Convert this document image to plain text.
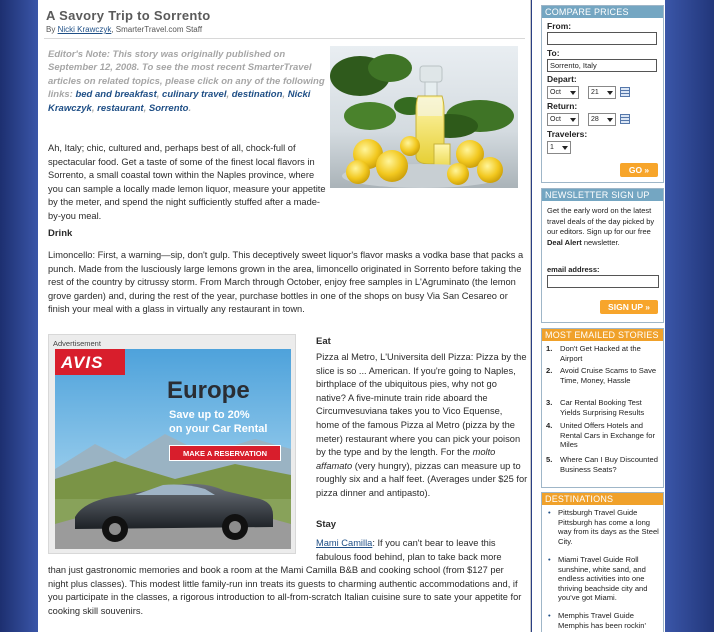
A Savory Trip to Sorrento
By Nicki Krawczyk, SmarterTravel.com Staff
Editor's Note: This story was originally published on September 12, 2008. To see the most recent SmarterTravel articles on related topics, please click on any of the following links: bed and breakfast, culinary travel, destination, Nicki Krawczyk, restaurant, Sorrento.
Ah, Italy; chic, cultured and, perhaps best of all, chock-full of spectacular food. Get a taste of some of the finest local flavors in Sorrento, a small coastal town within the Naples province, where you can sample a locally made lemon liquor, measure your appetite by the meter, and spend the night sufficiently stuffed after a made-by-you meal.
Drink
Limoncello: First, a warning—sip, don't gulp. This deceptively sweet liquor's flavor masks a vodka base that packs a punch. Made from the lusciously large lemons grown in the area, limoncello originated in Sorrento before taking the rest of the country by citrussy storm. From March through October, enjoy free samples in L'Agruminato (the lemon grove garden) and, during the rest of the year, purchase bottles in one of the shops on busy Via San Cesareo or finish your meal with a glass in virtually any restaurant in town.
Advertisement
AVIS
Europe
Save up to 20%
on your Car Rental
MAKE A RESERVATION
Eat
Pizza al Metro, L'Universita dell Pizza: Pizza by the slice is so ... American. If you're going to Naples, birthplace of the ubiquitous pies, why not go native? A five-minute train ride aboard the Circumvesuviana takes you to Vico Equense, home of the famous Pizza al Metro (pizza by the meter) restaurant where you can pick your poison by the type and by the length. For the molto affamato (very hungry), pizzas can measure up to roughly six and a half feet. (Averages under $25 for pizza dinner and antipasto).
Stay
Mami Camilla: If you can't bear to leave this fabulous food behind, plan to take back more
than just gastronomic memories and book a room at the Mami Camilla B&B and cooking school (from $127 per night plus classes). This modest little family-run inn treats its guests to charming authentic accommodations and, if you participate in the classes, a rigorous introduction to all-from-scratch Italian cuisine sure to sate your appetite for cooking skill souvenirs.
COMPARE PRICES
From:
To:
Sorrento, Italy
Depart:
Oct	21
Return:
Oct	28
Travelers:
1
GO »
NEWSLETTER SIGN UP
Get the early word on the latest travel deals of the day picked by our editors. Sign up for our free Deal Alert newsletter.
email address:
SIGN UP »
MOST EMAILED STORIES
1. Don't Get Hacked at the Airport
2. Avoid Cruise Scams to Save Time, Money, Hassle
3. Car Rental Booking Test Yields Surprising Results
4. United Offers Hotels and Rental Cars in Exchange for Miles
5. Where Can I Buy Discounted Business Seats?
DESTINATIONS
• Pittsburgh Travel Guide Pittsburgh has come a long way from its days as the Steel City.
• Miami Travel Guide Roll sunshine, white sand, and endless activities into one thriving beachside city and you've got Miami.
• Memphis Travel Guide Memphis has been rockin'
